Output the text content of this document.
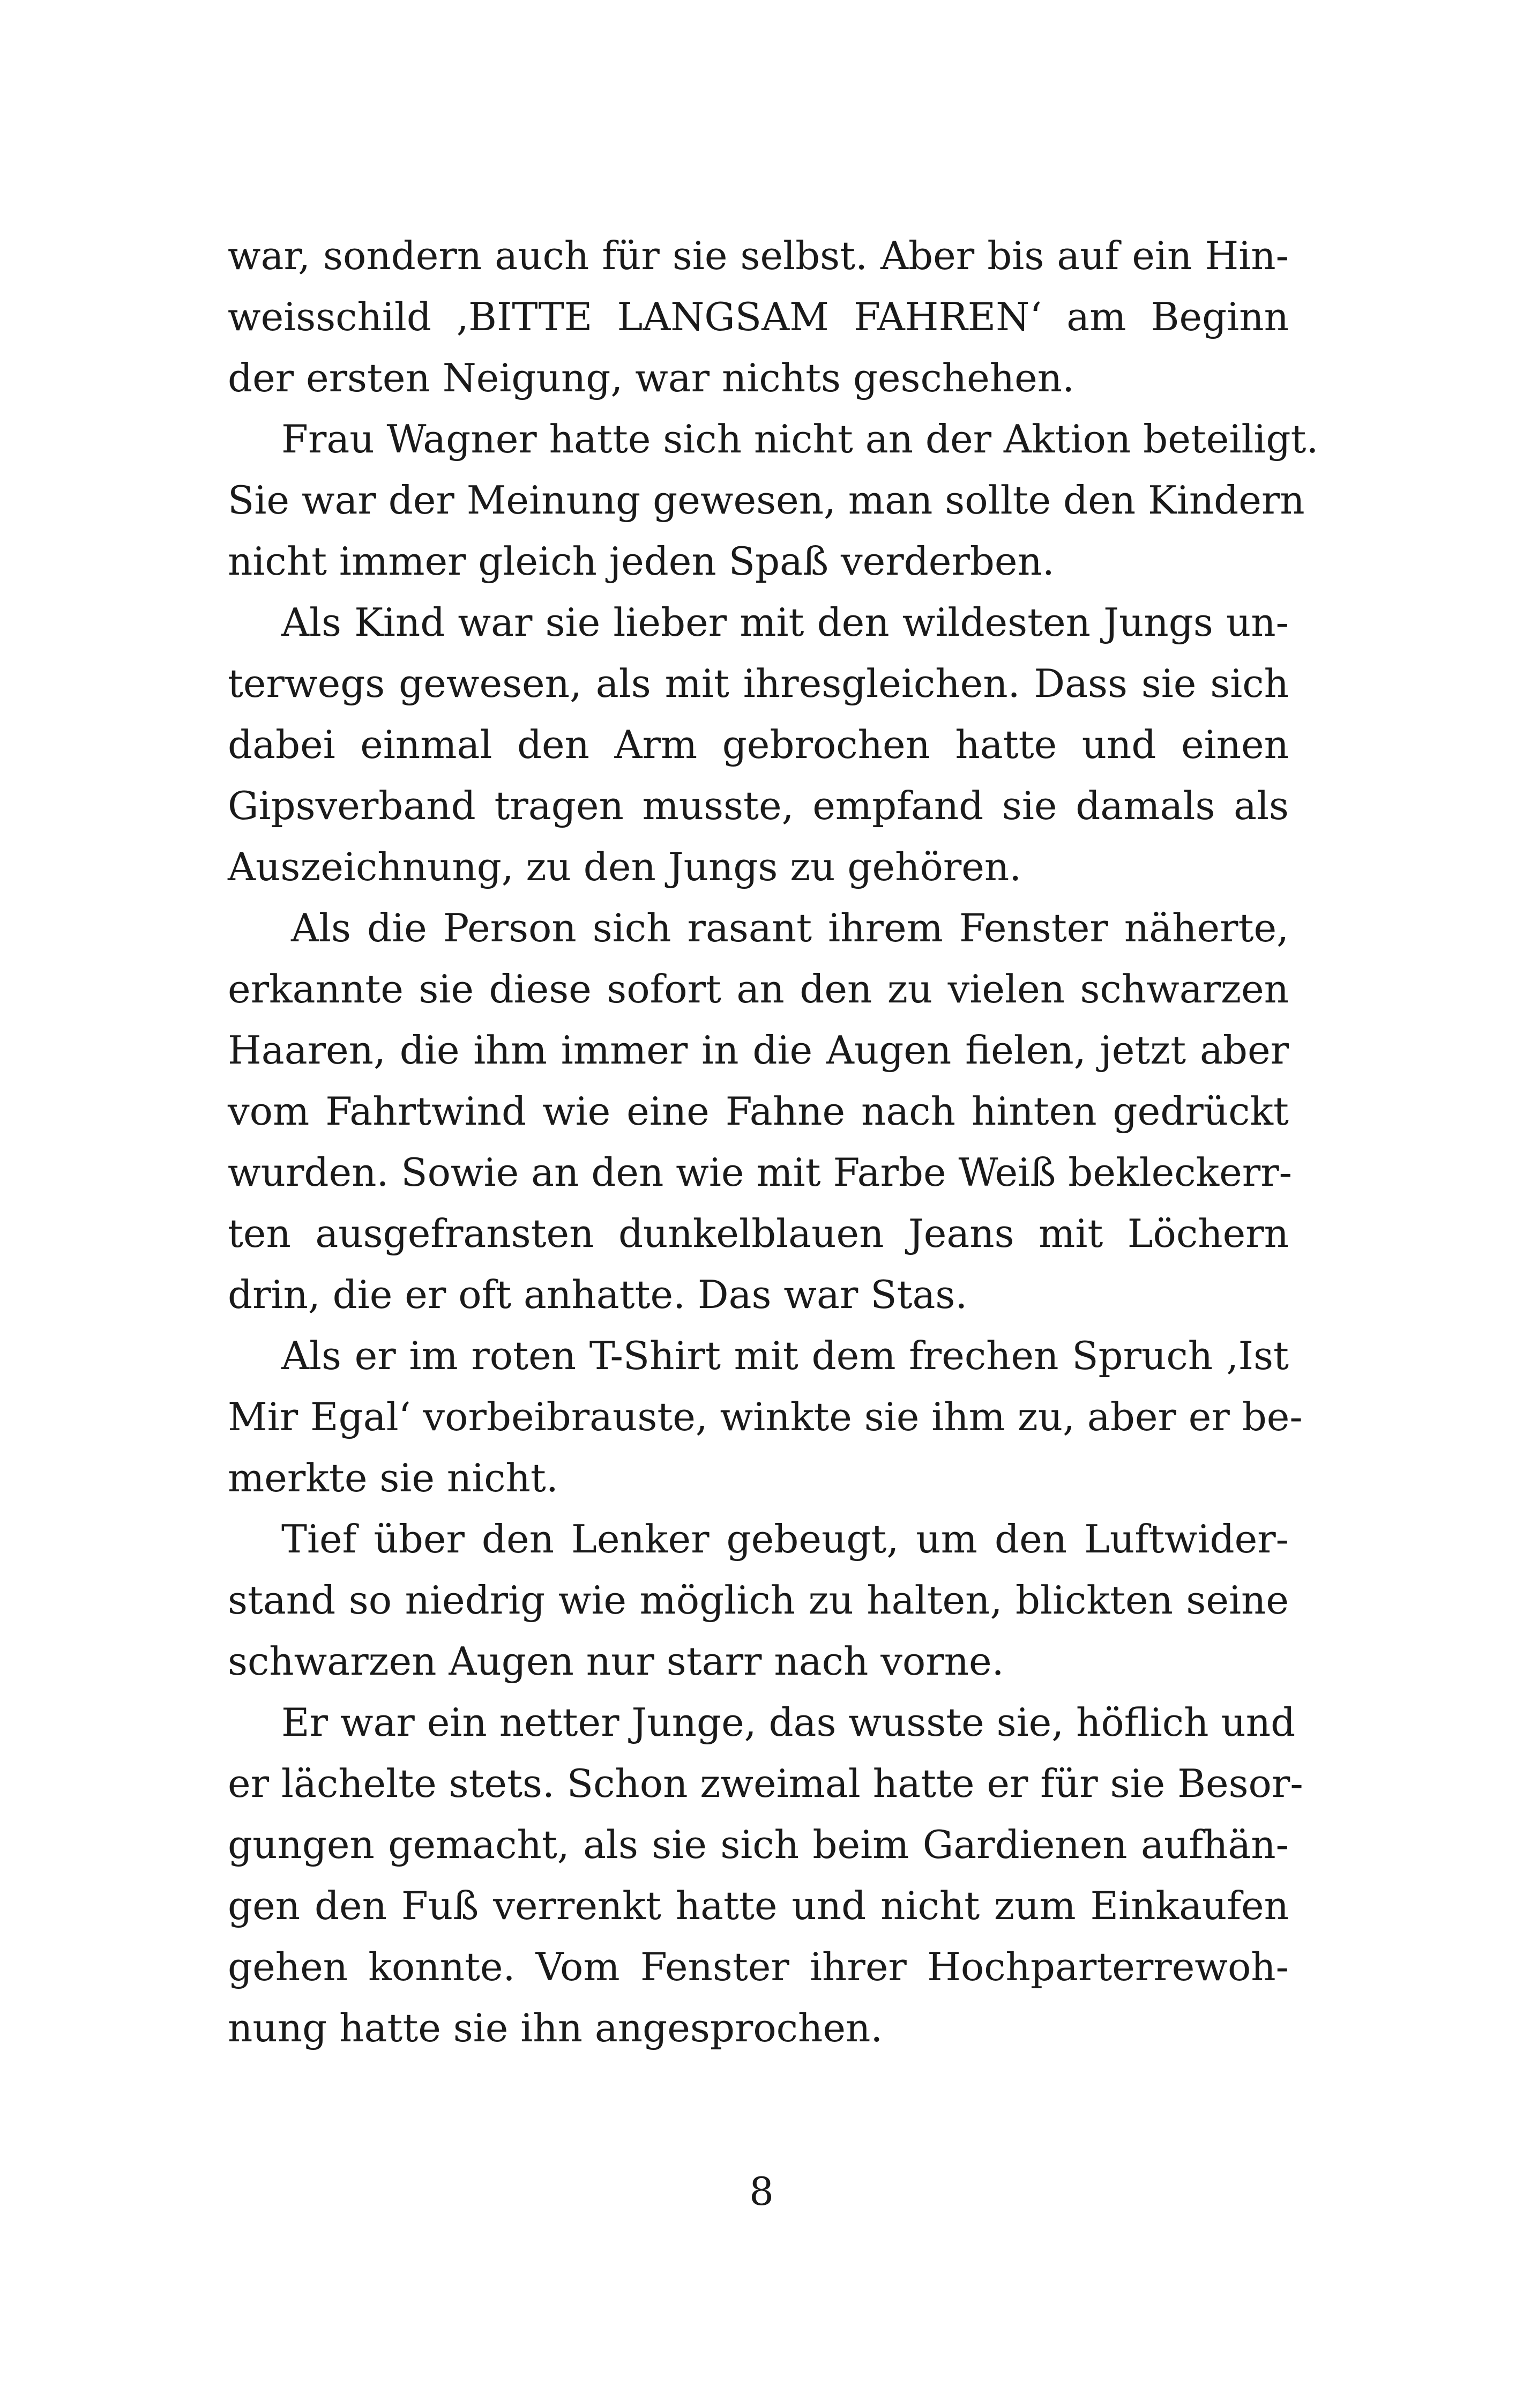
war, sondern auch für sie selbst. Aber bis auf ein Hin-
weisschild ‚BITTE LANGSAM FAHREN‘ am Beginn
der ersten Neigung, war nichts geschehen.
Frau Wagner hatte sich nicht an der Aktion beteiligt.
Sie war der Meinung gewesen, man sollte den Kindern
nicht immer gleich jeden Spaß verderben.
Als Kind war sie lieber mit den wildesten Jungs un-
terwegs gewesen, als mit ihresgleichen. Dass sie sich
dabei einmal den Arm gebrochen hatte und einen
Gipsverband tragen musste, empfand sie damals als
Auszeichnung, zu den Jungs zu gehören.
Als die Person sich rasant ihrem Fenster näherte,
erkannte sie diese sofort an den zu vielen schwarzen
Haaren, die ihm immer in die Augen fielen, jetzt aber
vom Fahrtwind wie eine Fahne nach hinten gedrückt
wurden. Sowie an den wie mit Farbe Weiß bekleckerr-
ten ausgefransten dunkelblauen Jeans mit Löchern
drin, die er oft anhatte. Das war Stas.
Als er im roten T-Shirt mit dem frechen Spruch ‚Ist
Mir Egal‘ vorbeibrauste, winkte sie ihm zu, aber er be-
merkte sie nicht.
Tief über den Lenker gebeugt, um den Luftwider-
stand so niedrig wie möglich zu halten, blickten seine
schwarzen Augen nur starr nach vorne.
Er war ein netter Junge, das wusste sie, höflich und
er lächelte stets. Schon zweimal hatte er für sie Besor-
gungen gemacht, als sie sich beim Gardienen aufhän-
gen den Fuß verrenkt hatte und nicht zum Einkaufen
gehen konnte. Vom Fenster ihrer Hochparterrewoh-
nung hatte sie ihn angesprochen.
8
